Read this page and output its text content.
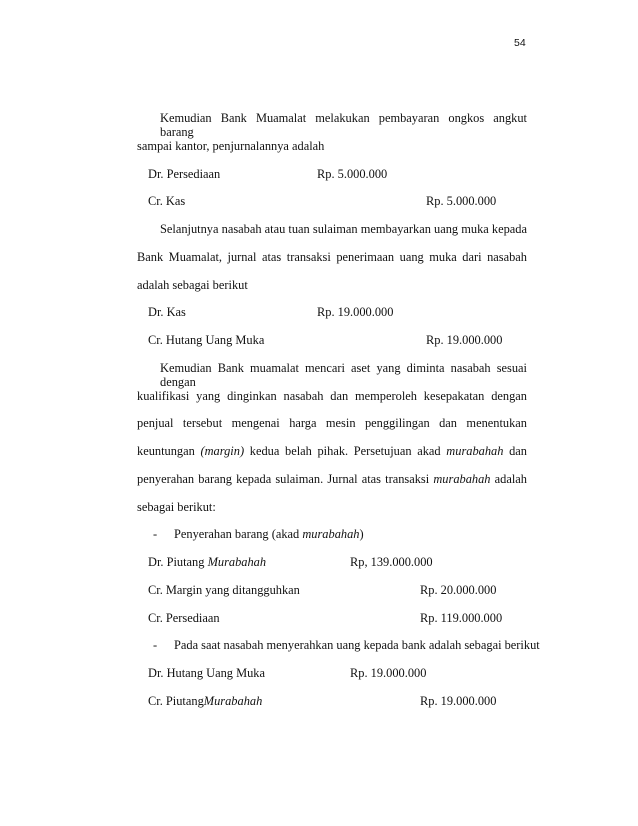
54
Kemudian Bank Muamalat melakukan pembayaran ongkos angkut barang
sampai kantor, penjurnalannya adalah
Dr. Persediaan	Rp. 5.000.000
Cr. Kas	Rp. 5.000.000
Selanjutnya nasabah atau tuan sulaiman membayarkan uang muka kepada
Bank Muamalat, jurnal atas transaksi penerimaan uang muka dari nasabah
adalah sebagai berikut
Dr. Kas	Rp. 19.000.000
Cr. Hutang Uang Muka	Rp. 19.000.000
Kemudian Bank muamalat mencari aset yang diminta nasabah sesuai dengan
kualifikasi yang dinginkan nasabah dan memperoleh kesepakatan dengan
penjual tersebut mengenai harga mesin penggilingan dan menentukan
keuntungan (margin) kedua belah pihak. Persetujuan akad murabahah dan
penyerahan barang kepada sulaiman. Jurnal atas transaksi murabahah adalah
sebagai berikut:
- Penyerahan barang (akad murabahah)
Dr. Piutang Murabahah	Rp, 139.000.000
Cr. Margin yang ditangguhkan	Rp. 20.000.000
Cr. Persediaan	Rp. 119.000.000
- Pada saat nasabah menyerahkan uang kepada bank adalah sebagai berikut
Dr. Hutang Uang Muka	Rp. 19.000.000
Cr. PiutangMurabahah	Rp. 19.000.000
